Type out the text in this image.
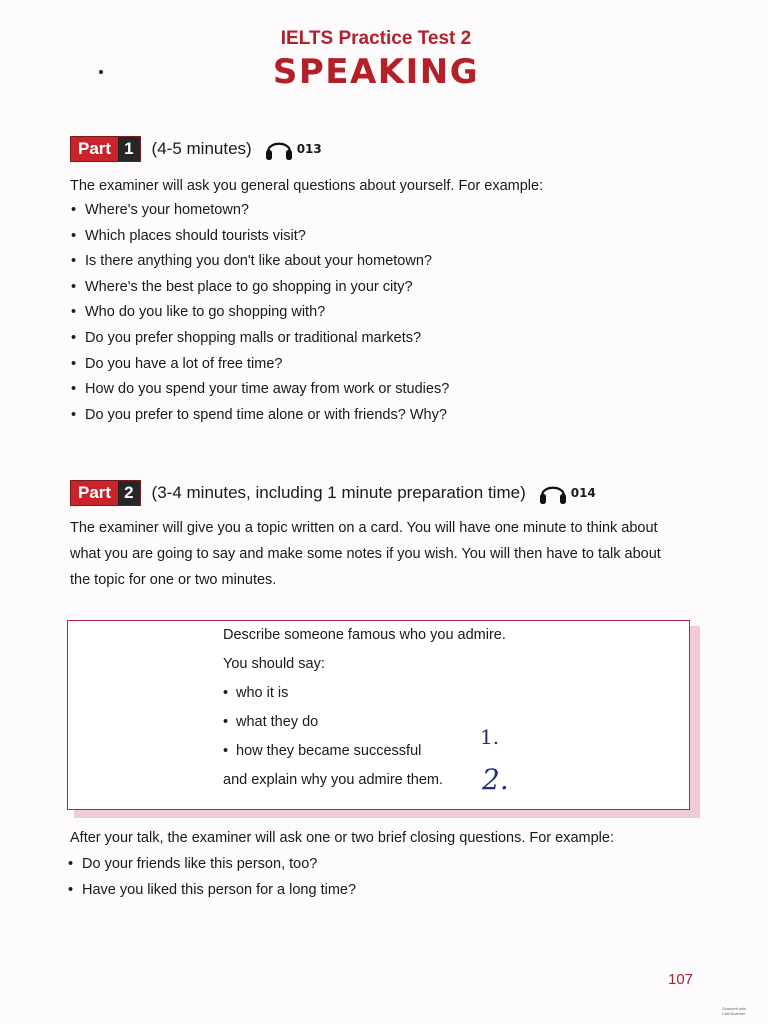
IELTS Practice Test 2
SPEAKING
Part 1	(4-5 minutes)	013
The examiner will ask you general questions about yourself. For example:
• Where's your hometown?
• Which places should tourists visit?
• Is there anything you don't like about your hometown?
• Where's the best place to go shopping in your city?
• Who do you like to go shopping with?
• Do you prefer shopping malls or traditional markets?
• Do you have a lot of free time?
• How do you spend your time away from work or studies?
• Do you prefer to spend time alone or with friends? Why?
Part 2	(3-4 minutes, including 1 minute preparation time)	014
The examiner will give you a topic written on a card. You will have one minute to think about
what you are going to say and make some notes if you wish. You will then have to talk about
the topic for one or two minutes.
Describe someone famous who you admire.
You should say:
• who it is
• what they do
• how they became successful
and explain why you admire them.
1.
2.
After your talk, the examiner will ask one or two brief closing questions. For example:
• Do your friends like this person, too?
• Have you liked this person for a long time?
107
Scanned with CamScanner
